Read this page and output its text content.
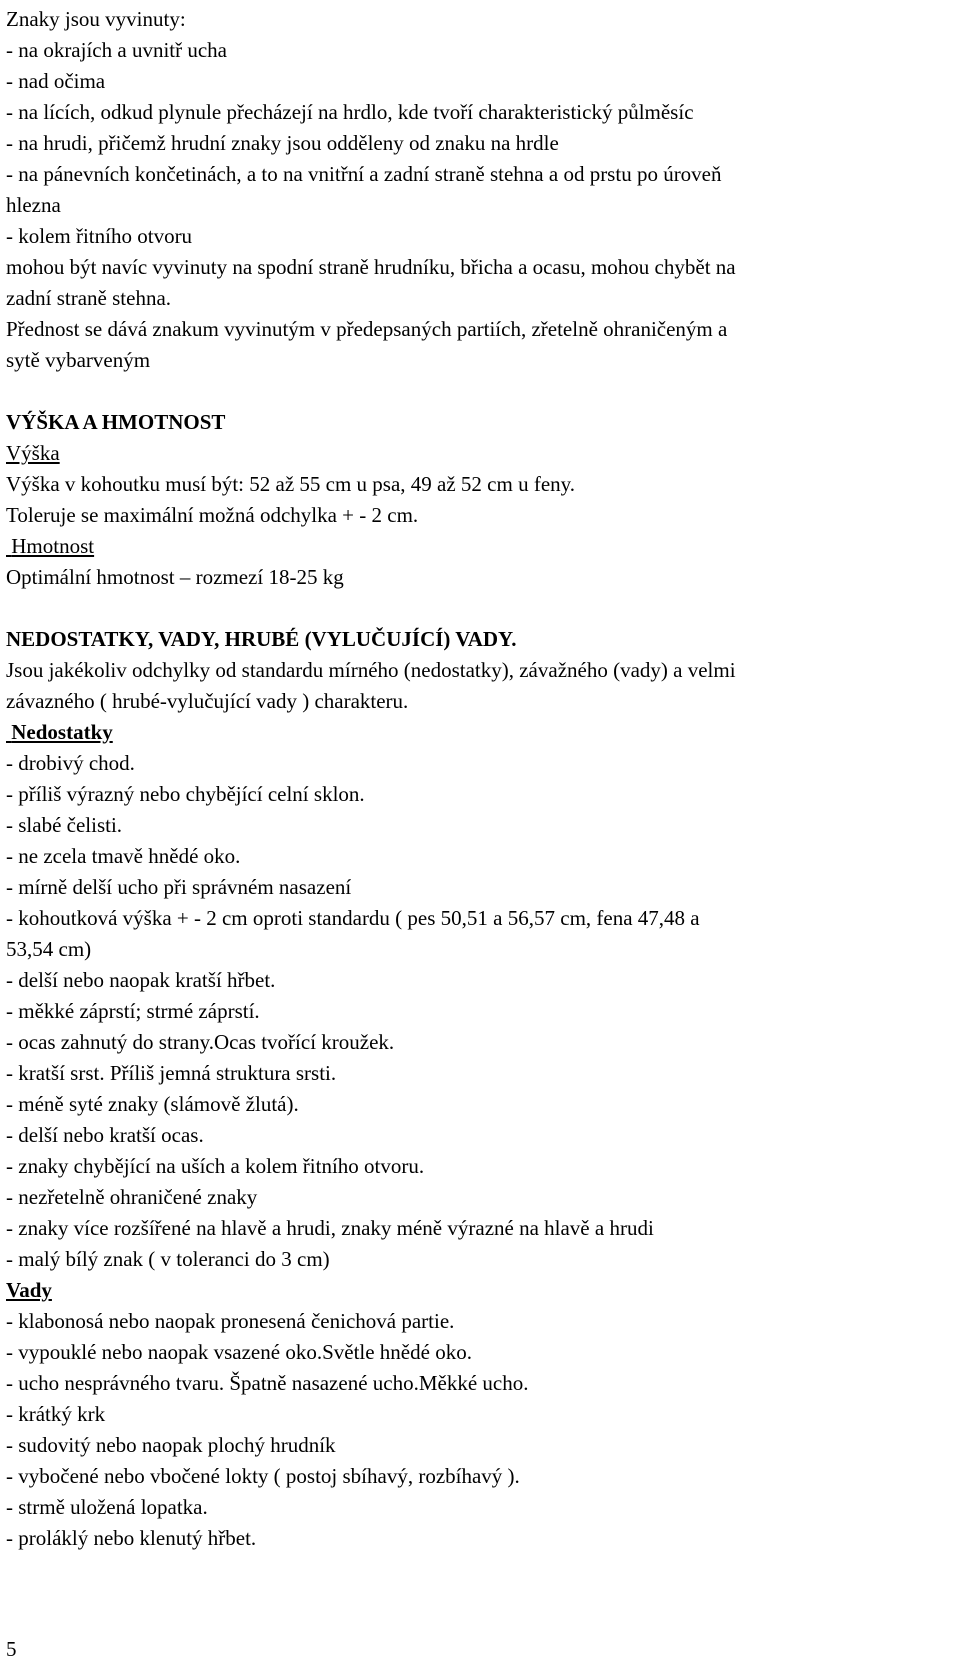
Znaky jsou vyvinuty:
- na okrajích a uvnitř ucha
- nad očima
- na lících, odkud plynule přecházejí na hrdlo, kde tvoří charakteristický půlměsíc
- na hrudi, přičemž hrudní znaky jsou odděleny od znaku na hrdle
- na pánevních končetinách, a to na vnitřní a zadní straně stehna a od prstu po úroveň
hlezna
- kolem řitního otvoru
mohou být navíc vyvinuty na spodní straně hrudníku, břicha a ocasu, mohou chybět na
zadní straně stehna.
Přednost se dává znakum vyvinutým v předepsaných partiích, zřetelně ohraničeným a
sytě vybarveným
VÝŠKA A HMOTNOST
Výška
Výška v kohoutku musí být: 52 až 55 cm u psa, 49 až 52 cm u feny.
Toleruje se maximální možná odchylka + - 2 cm.
Hmotnost
Optimální hmotnost – rozmezí 18-25 kg
NEDOSTATKY, VADY, HRUBÉ (VYLUČUJÍCÍ) VADY.
Jsou jakékoliv odchylky od standardu mírného (nedostatky), závažného (vady) a velmi
závazného ( hrubé-vylučující vady ) charakteru.
Nedostatky
- drobivý chod.
- příliš výrazný nebo chybějící celní sklon.
- slabé čelisti.
- ne zcela tmavě hnědé oko.
- mírně delší ucho při správném nasazení
- kohoutková výška + - 2 cm oproti standardu ( pes 50,51 a 56,57 cm, fena 47,48 a
53,54 cm)
- delší nebo naopak kratší hřbet.
- měkké záprstí; strmé záprstí.
- ocas zahnutý do strany.Ocas tvořící kroužek.
- kratší srst. Příliš jemná struktura srsti.
- méně syté znaky (slámově žlutá).
- delší nebo kratší ocas.
- znaky chybějící na uších a kolem řitního otvoru.
- nezřetelně ohraničené znaky
- znaky více rozšířené na hlavě a hrudi, znaky méně výrazné na hlavě a hrudi
- malý bílý znak ( v toleranci do 3 cm)
Vady
- klabonosá nebo naopak pronesená čenichová partie.
- vypouklé nebo naopak vsazené oko.Světle hnědé oko.
- ucho nesprávného tvaru. Špatně nasazené ucho.Měkké ucho.
- krátký krk
- sudovitý nebo naopak plochý hrudník
- vybočené nebo vbočené lokty ( postoj sbíhavý, rozbíhavý ).
- strmě uložená lopatka.
- proláklý nebo klenutý hřbet.
5
